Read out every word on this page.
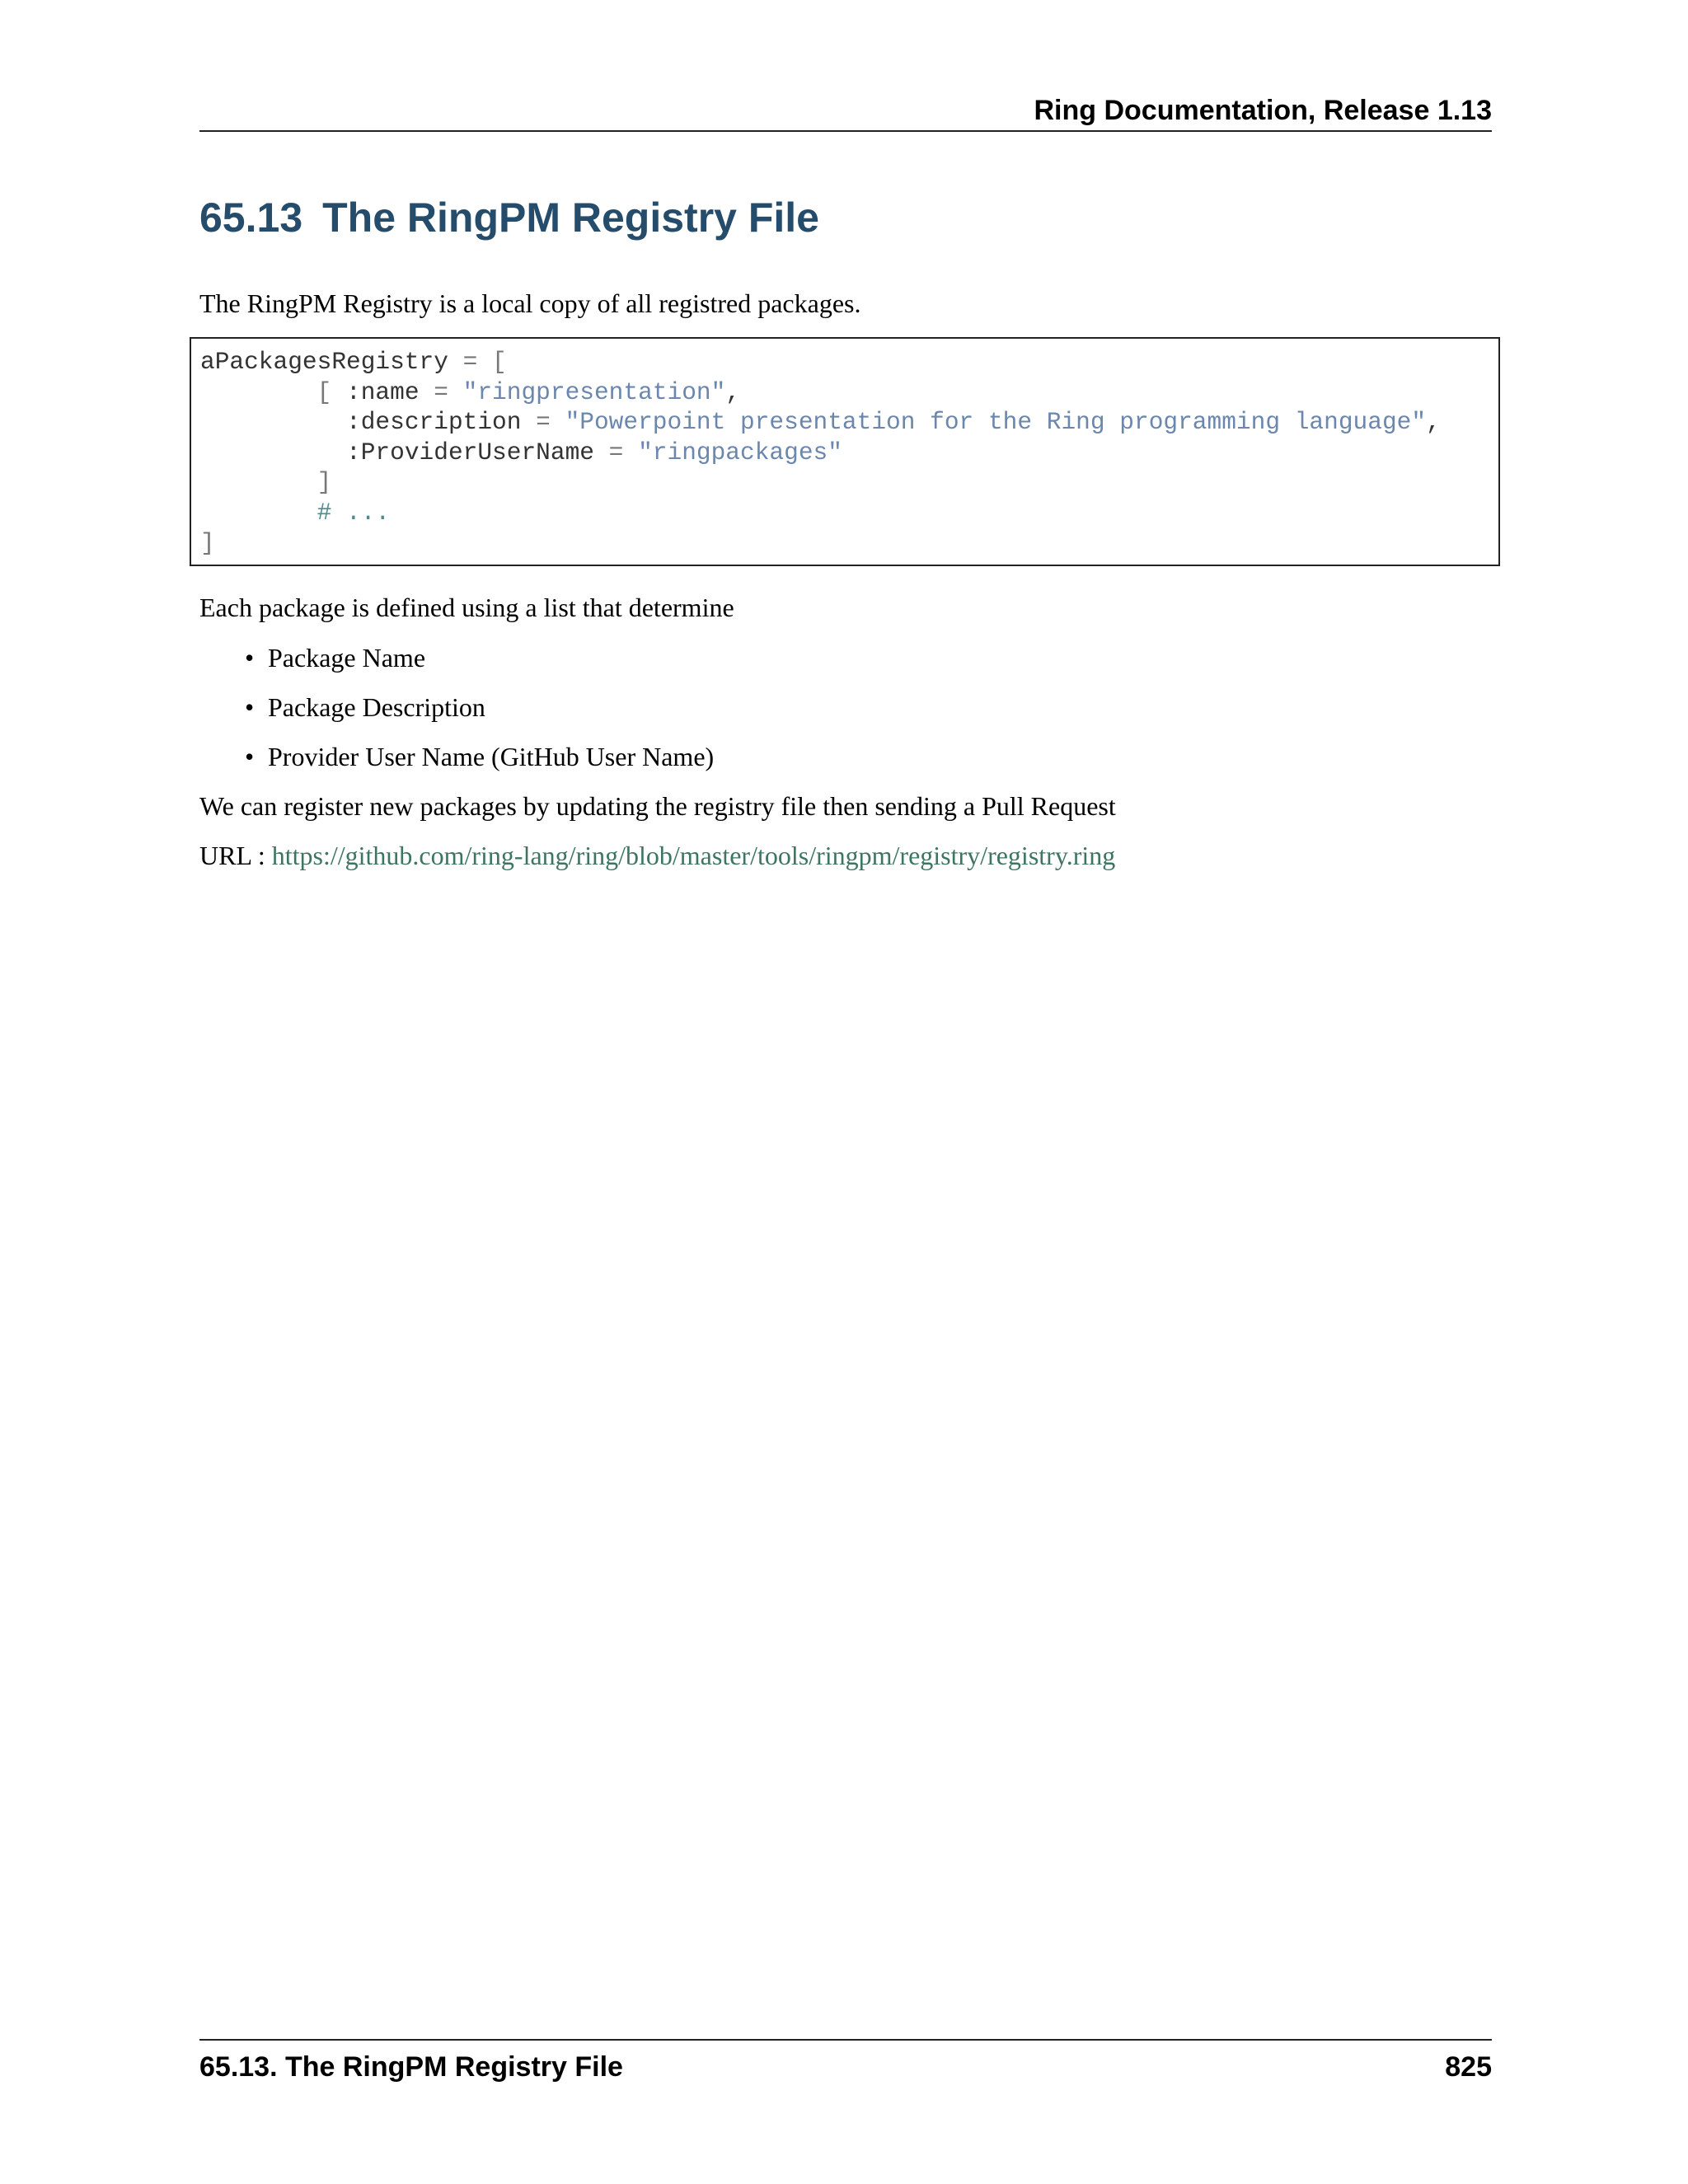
Ring Documentation, Release 1.13
65.13 The RingPM Registry File

The RingPM Registry is a local copy of all registred packages.

aPackagesRegistry = [
[ :name = "ringpresentation",
:description = "Powerpoint presentation for the Ring programming language",
:ProviderUserName = "ringpackages"
]
# ...
]

Each package is defined using a list that determine

• Package Name
• Package Description
• Provider User Name (GitHub User Name)

We can register new packages by updating the registry file then sending a Pull Request

URL : https://github.com/ring-lang/ring/blob/master/tools/ringpm/registry/registry.ring

65.13. The RingPM Registry File	825
